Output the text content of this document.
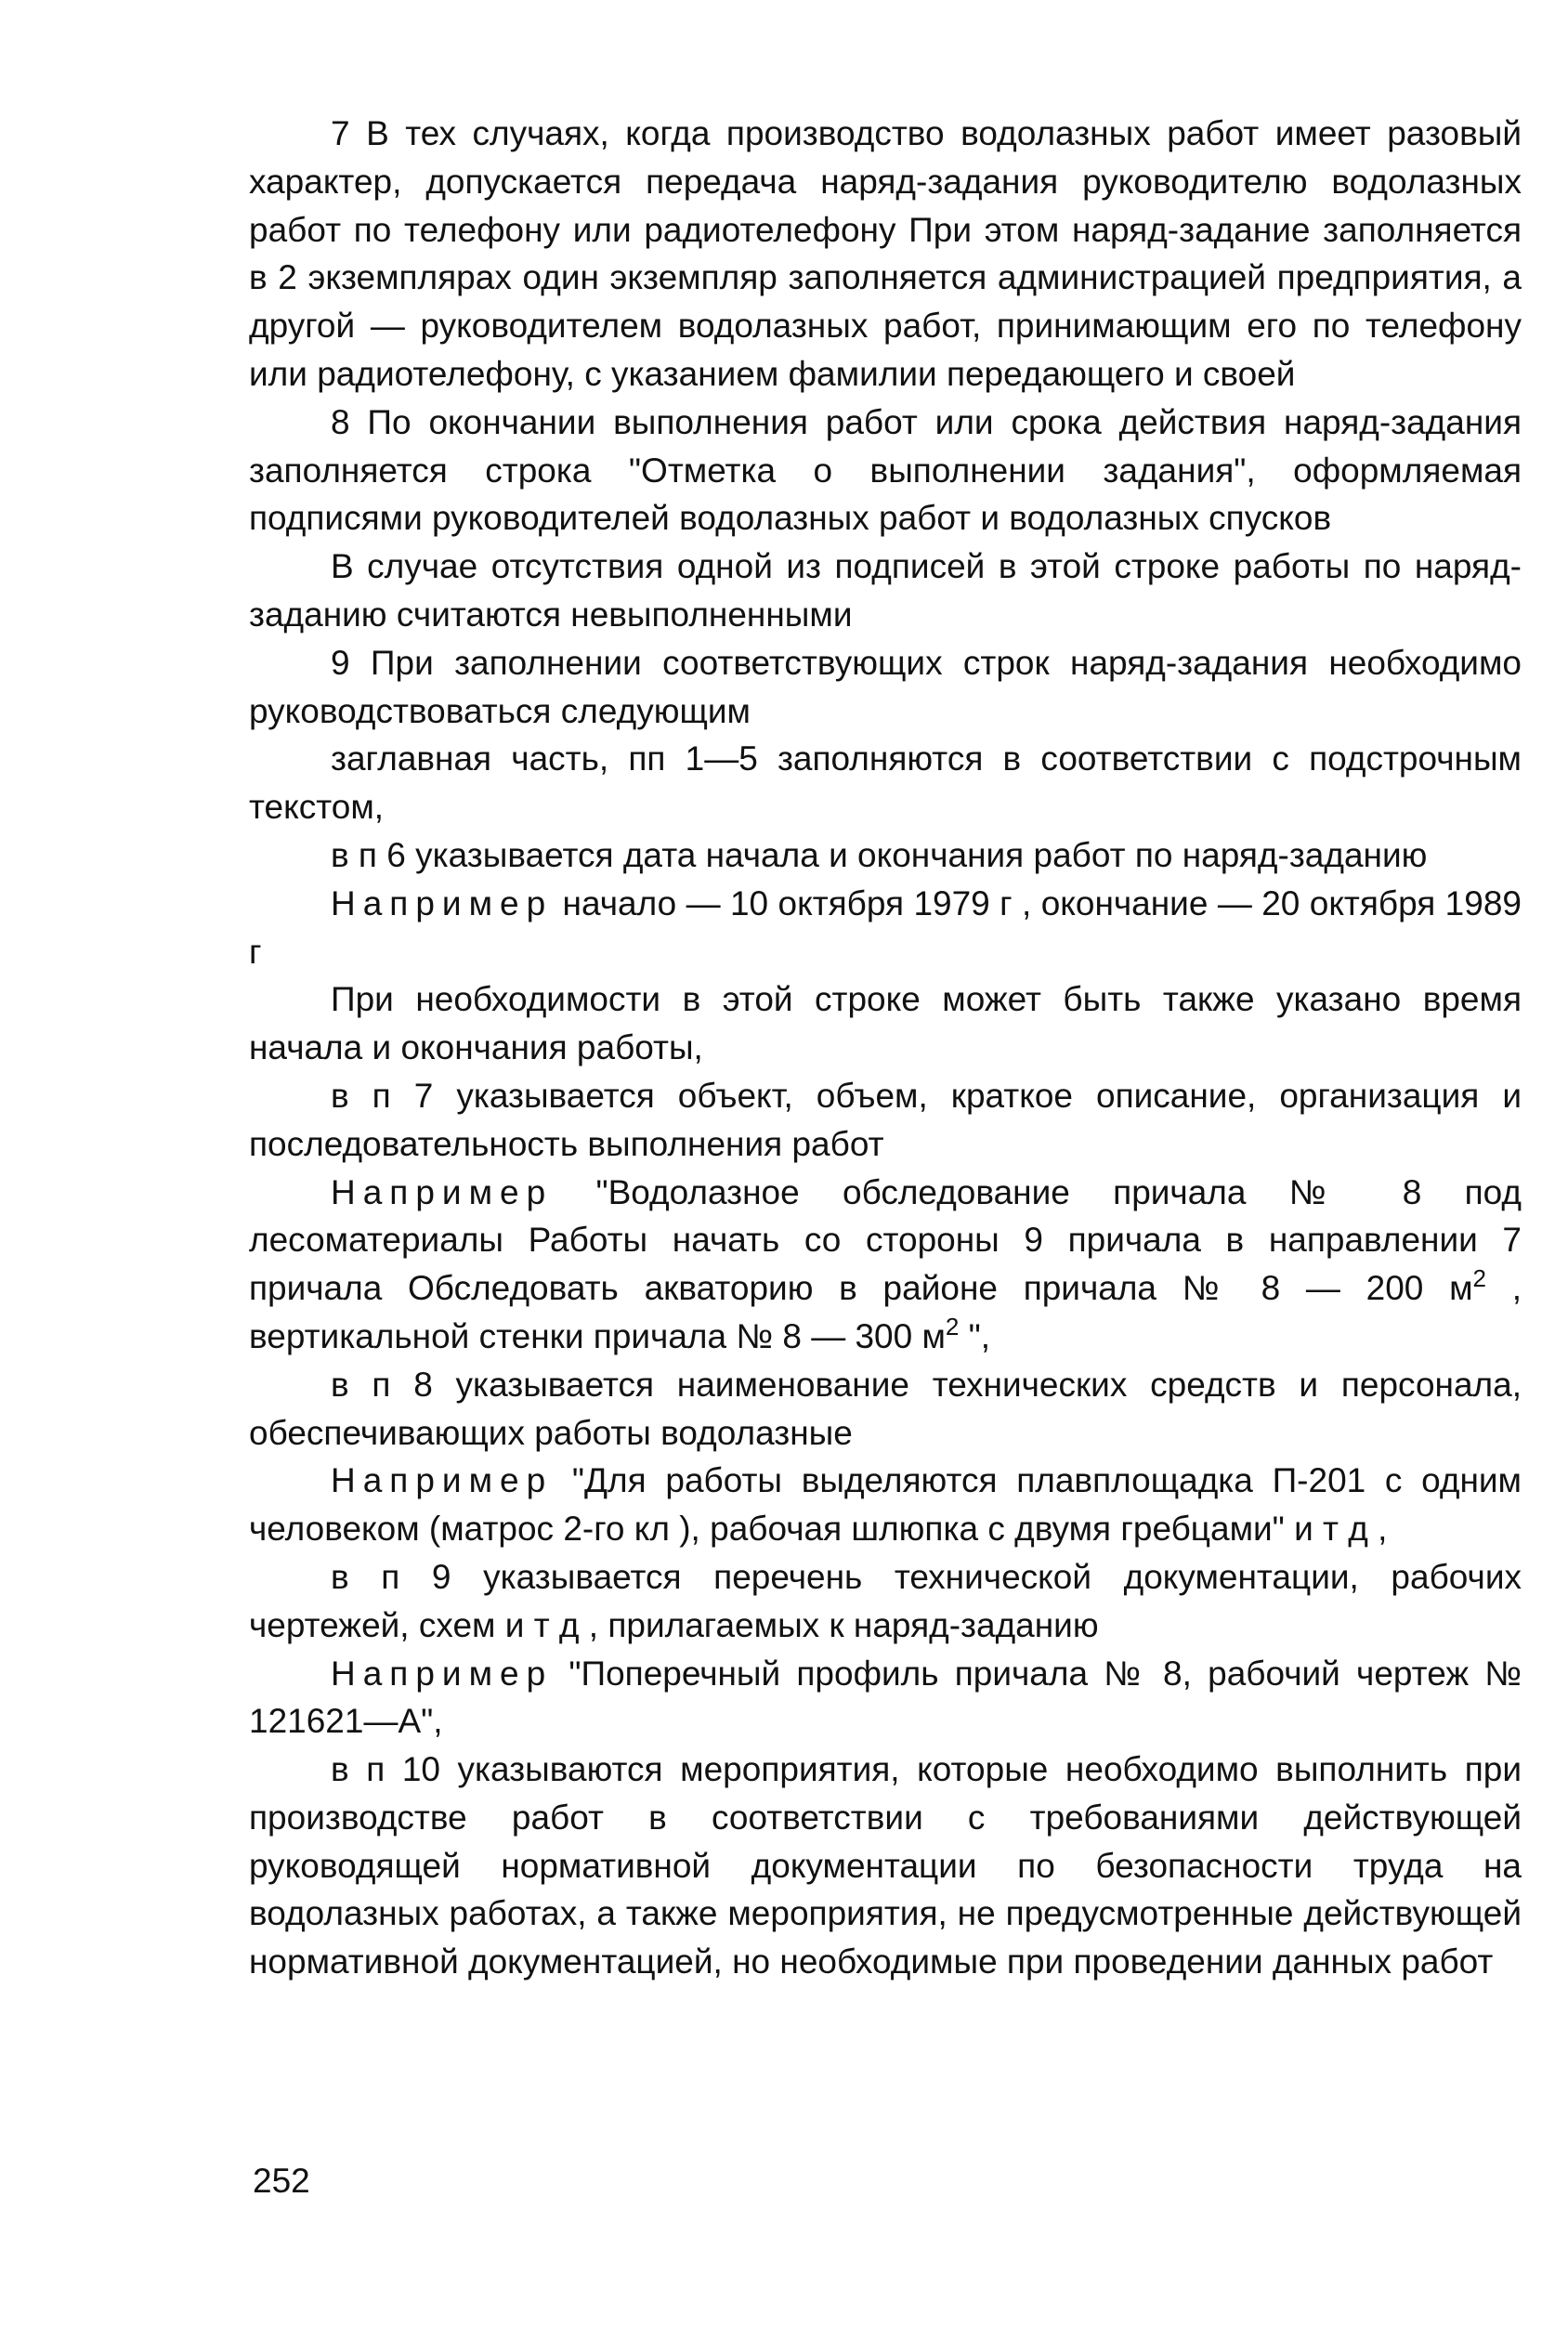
7 В тех случаях, когда производство водолазных работ имеет разовый характер, допускается передача наряд-задания руководителю водолазных работ по телефону или радиотелефону При этом наряд-задание заполняется в 2 экземплярах один экземпляр заполняется администрацией предприятия, а другой — руководителем водолазных работ, принимающим его по телефону или радиотелефону, с указанием фамилии передающего и своей

8 По окончании выполнения работ или срока действия наряд-задания заполняется строка "Отметка о выполнении задания", оформляемая подписями руководителей водолазных работ и водолазных спусков

В случае отсутствия одной из подписей в этой строке работы по наряд-заданию считаются невыполненными

9 При заполнении соответствующих строк наряд-задания необходимо руководствоваться следующим

заглавная часть, пп 1—5 заполняются в соответствии с подстрочным текстом,

в п 6 указывается дата начала и окончания работ по наряд-заданию

Например начало — 10 октября 1979 г , окончание — 20 октября 1989 г

При необходимости в этой строке может быть также указано время начала и окончания работы,

в п 7 указывается объект, объем, краткое описание, организация и последовательность выполнения работ

Например "Водолазное обследование причала № 8 под лесоматериалы Работы начать со стороны 9 причала в направлении 7 причала Обследовать акваторию в районе причала № 8 — 200 $м^2$ , вертикальной стенки причала № 8 — 300 $м^2$ ",

в п 8 указывается наименование технических средств и персонала, обеспечивающих работы водолазные

Например "Для работы выделяются плавплощадка П-201 с одним человеком (матрос 2-го кл ), рабочая шлюпка с двумя гребцами" и т д ,

в п 9 указывается перечень технической документации, рабочих чертежей, схем и т д , прилагаемых к наряд-заданию

Например "Поперечный профиль причала № 8, рабочий чертеж № 121621—А",

в п 10 указываются мероприятия, которые необходимо выполнить при производстве работ в соответствии с требованиями действующей руководящей нормативной документации по безопасности труда на водолазных работах, а также мероприятия, не предусмотренные действующей нормативной документацией, но необходимые при проведении данных работ

252
